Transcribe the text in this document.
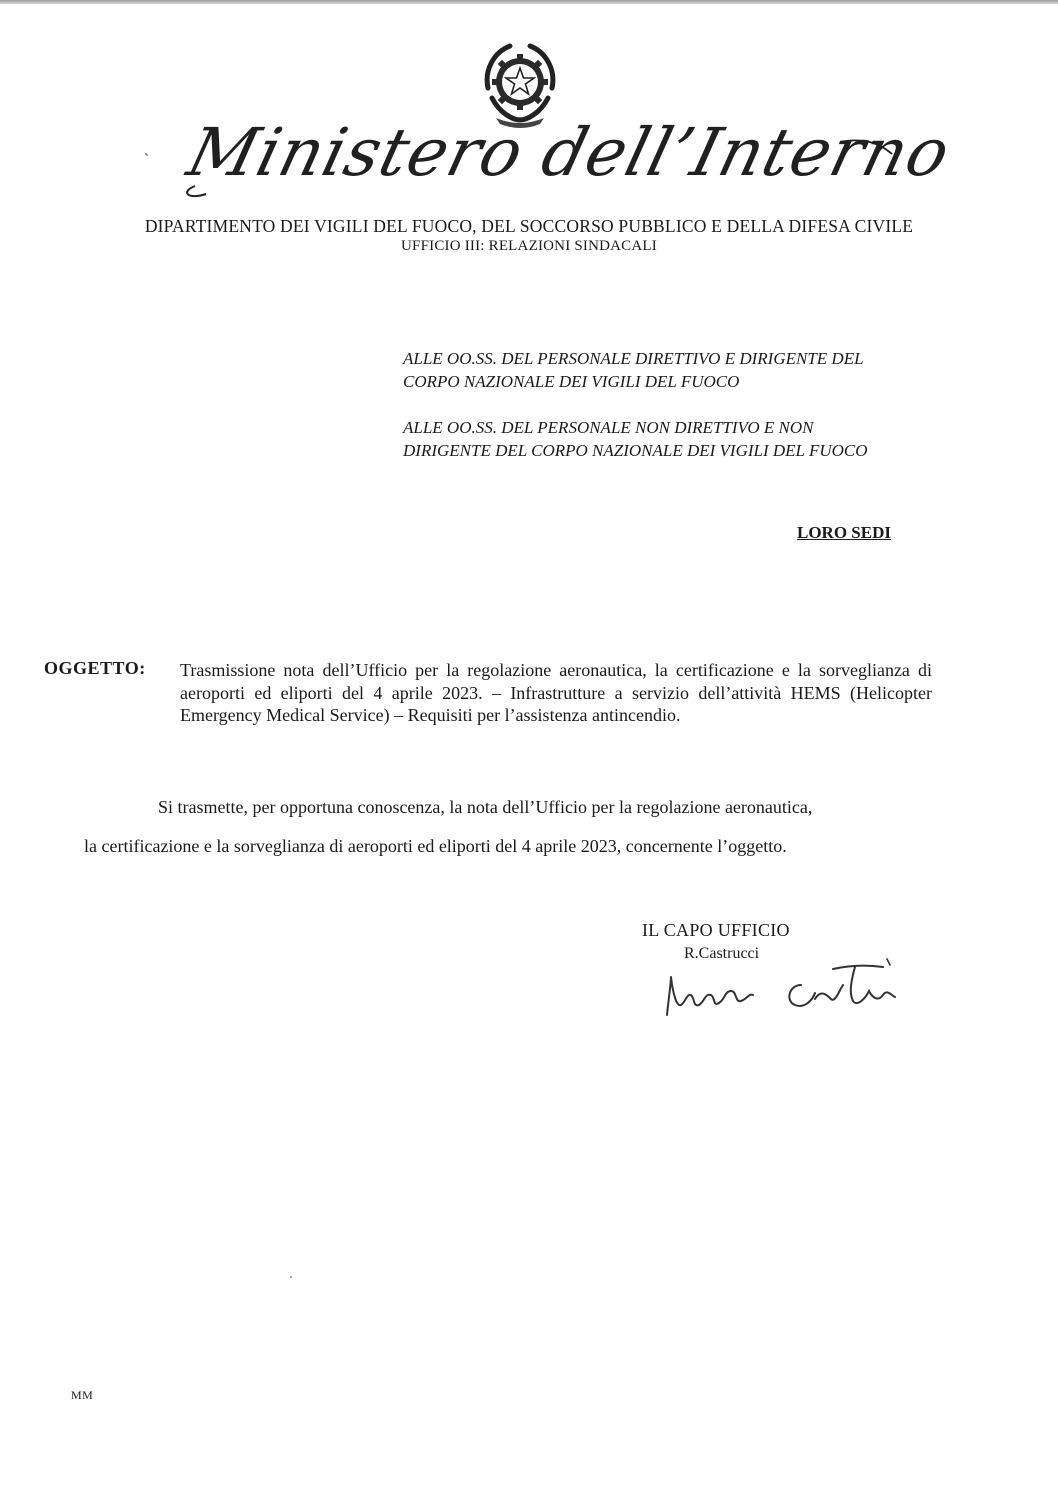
Ministero dell’Interno
DIPARTIMENTO DEI VIGILI DEL FUOCO, DEL SOCCORSO PUBBLICO E DELLA DIFESA CIVILE
UFFICIO III: RELAZIONI SINDACALI
ALLE OO.SS. DEL PERSONALE DIRETTIVO E DIRIGENTE DEL
CORPO NAZIONALE DEI VIGILI DEL FUOCO
ALLE OO.SS. DEL PERSONALE NON DIRETTIVO E NON
DIRIGENTE DEL CORPO NAZIONALE DEI VIGILI DEL FUOCO
LORO SEDI
OGGETTO: Trasmissione nota dell’Ufficio per la regolazione aeronautica, la certificazione e la sorveglianza di aeroporti ed eliporti del 4 aprile 2023. – Infrastrutture a servizio dell’attività HEMS (Helicopter Emergency Medical Service) – Requisiti per l’assistenza antincendio.
Si trasmette, per opportuna conoscenza, la nota dell’Ufficio per la regolazione aeronautica,
la certificazione e la sorveglianza di aeroporti ed eliporti del 4 aprile 2023, concernente l’oggetto.
IL CAPO UFFICIO
R.Castrucci
MM
